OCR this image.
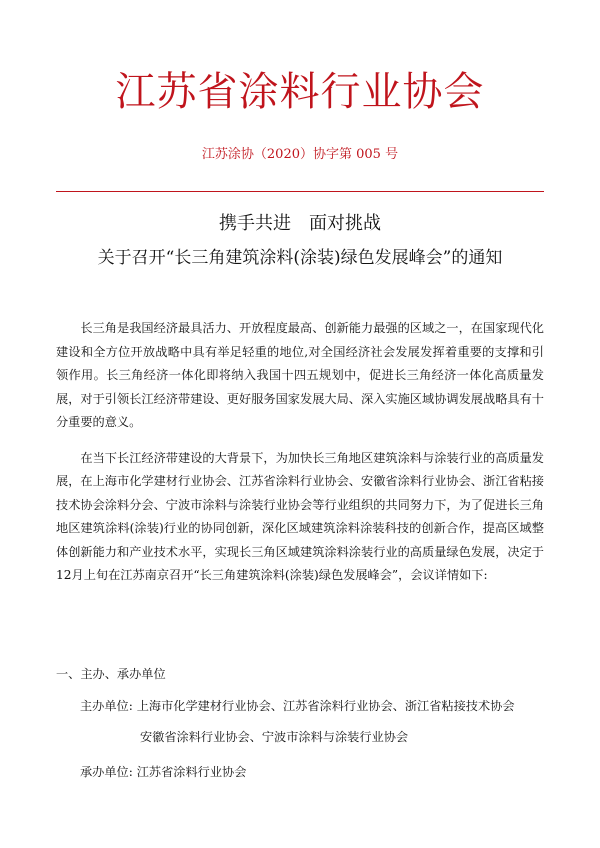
江苏省涂料行业协会
江苏涂协（2020）协字第 005 号
携手共进　面对挑战
关于召开“长三角建筑涂料(涂装)绿色发展峰会”的通知

长三角是我国经济最具活力、开放程度最高、创新能力最强的区域之一，在国家现代化建设和全方位开放战略中具有举足轻重的地位,对全国经济社会发展发挥着重要的支撑和引领作用。长三角经济一体化即将纳入我国十四五规划中，促进长三角经济一体化高质量发展，对于引领长江经济带建设、更好服务国家发展大局、深入实施区域协调发展战略具有十分重要的意义。

在当下长江经济带建设的大背景下，为加快长三角地区建筑涂料与涂装行业的高质量发展，在上海市化学建材行业协会、江苏省涂料行业协会、安徽省涂料行业协会、浙江省粘接技术协会涂料分会、宁波市涂料与涂装行业协会等行业组织的共同努力下，为了促进长三角地区建筑涂料(涂装)行业的协同创新，深化区域建筑涂料涂装科技的创新合作，提高区域整体创新能力和产业技术水平，实现长三角区域建筑涂料涂装行业的高质量绿色发展，决定于 12月上旬在江苏南京召开“长三角建筑涂料(涂装)绿色发展峰会”，会议详情如下:

一、主办、承办单位
主办单位: 上海市化学建材行业协会、江苏省涂料行业协会、浙江省粘接技术协会
安徽省涂料行业协会、宁波市涂料与涂装行业协会
承办单位: 江苏省涂料行业协会
